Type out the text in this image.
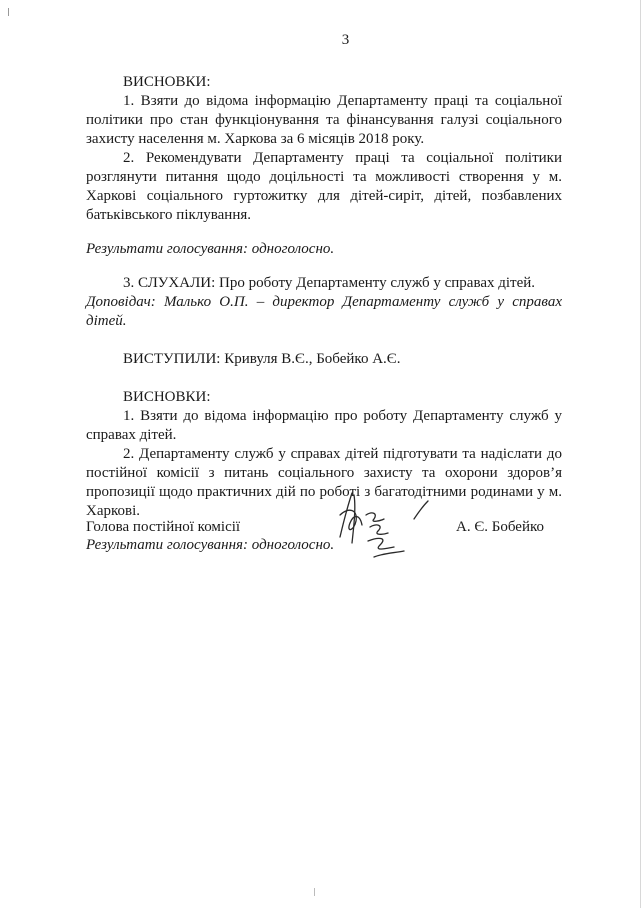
3

ВИСНОВКИ:

1. Взяти до відома інформацію Департаменту праці та соціальної політики про стан функціонування та фінансування галузі соціального захисту населення м. Харкова за 6 місяців 2018 року.

2. Рекомендувати Департаменту праці та соціальної політики розглянути питання щодо доцільності та можливості створення у м. Харкові соціального гуртожитку для дітей-сиріт, дітей, позбавлених батьківського піклування.

Результати голосування: одноголосно.

3. СЛУХАЛИ: Про роботу Департаменту служб у справах дітей.

Доповідач: Малько О.П. – директор Департаменту служб у справах дітей.

ВИСТУПИЛИ: Кривуля В.Є., Бобейко А.Є.

ВИСНОВКИ:

1. Взяти до відома інформацію про роботу Департаменту служб у справах дітей.

2. Департаменту служб у справах дітей підготувати та надіслати до постійної комісії з питань соціального захисту та охорони здоров’я пропозиції щодо практичних дій по роботі з багатодітними родинами у м. Харкові.

Результати голосування: одноголосно.

Голова постійної комісії	А. Є. Бобейко
